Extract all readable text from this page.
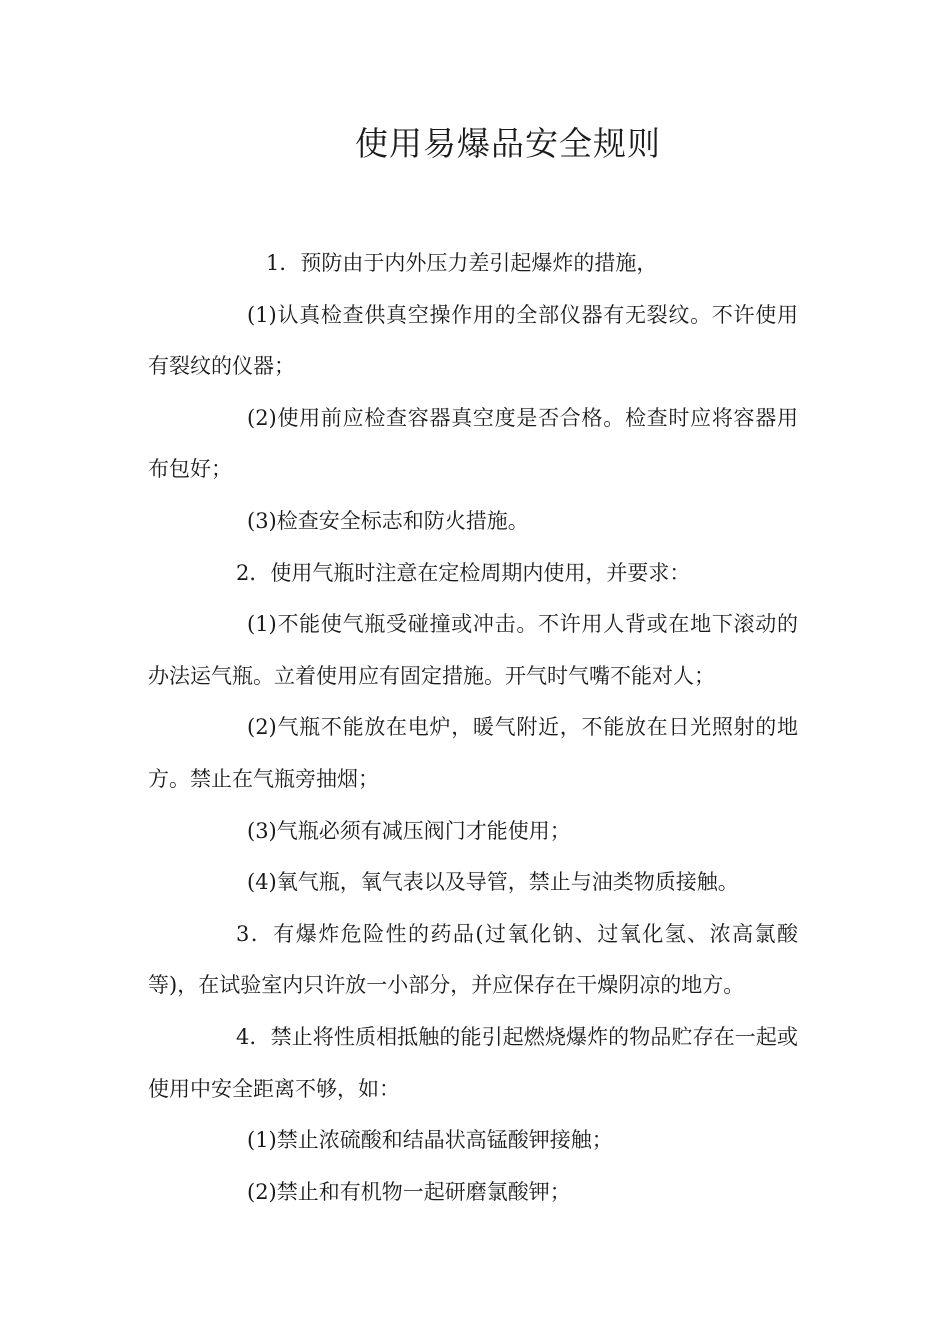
使用易爆品安全规则

1．预防由于内外压力差引起爆炸的措施，

(1)认真检查供真空操作用的全部仪器有无裂纹。不许使用有裂纹的仪器；

(2)使用前应检查容器真空度是否合格。检查时应将容器用布包好；

(3)检查安全标志和防火措施。

2．使用气瓶时注意在定检周期内使用，并要求：

(1)不能使气瓶受碰撞或冲击。不许用人背或在地下滚动的办法运气瓶。立着使用应有固定措施。开气时气嘴不能对人；

(2)气瓶不能放在电炉，暖气附近，不能放在日光照射的地方。禁止在气瓶旁抽烟；

(3)气瓶必须有减压阀门才能使用；

(4)氧气瓶，氧气表以及导管，禁止与油类物质接触。

3．有爆炸危险性的药品(过氧化钠、过氧化氢、浓高氯酸等)，在试验室内只许放一小部分，并应保存在干燥阴凉的地方。

4．禁止将性质相抵触的能引起燃烧爆炸的物品贮存在一起或使用中安全距离不够，如：

(1)禁止浓硫酸和结晶状高锰酸钾接触；

(2)禁止和有机物一起研磨氯酸钾；
